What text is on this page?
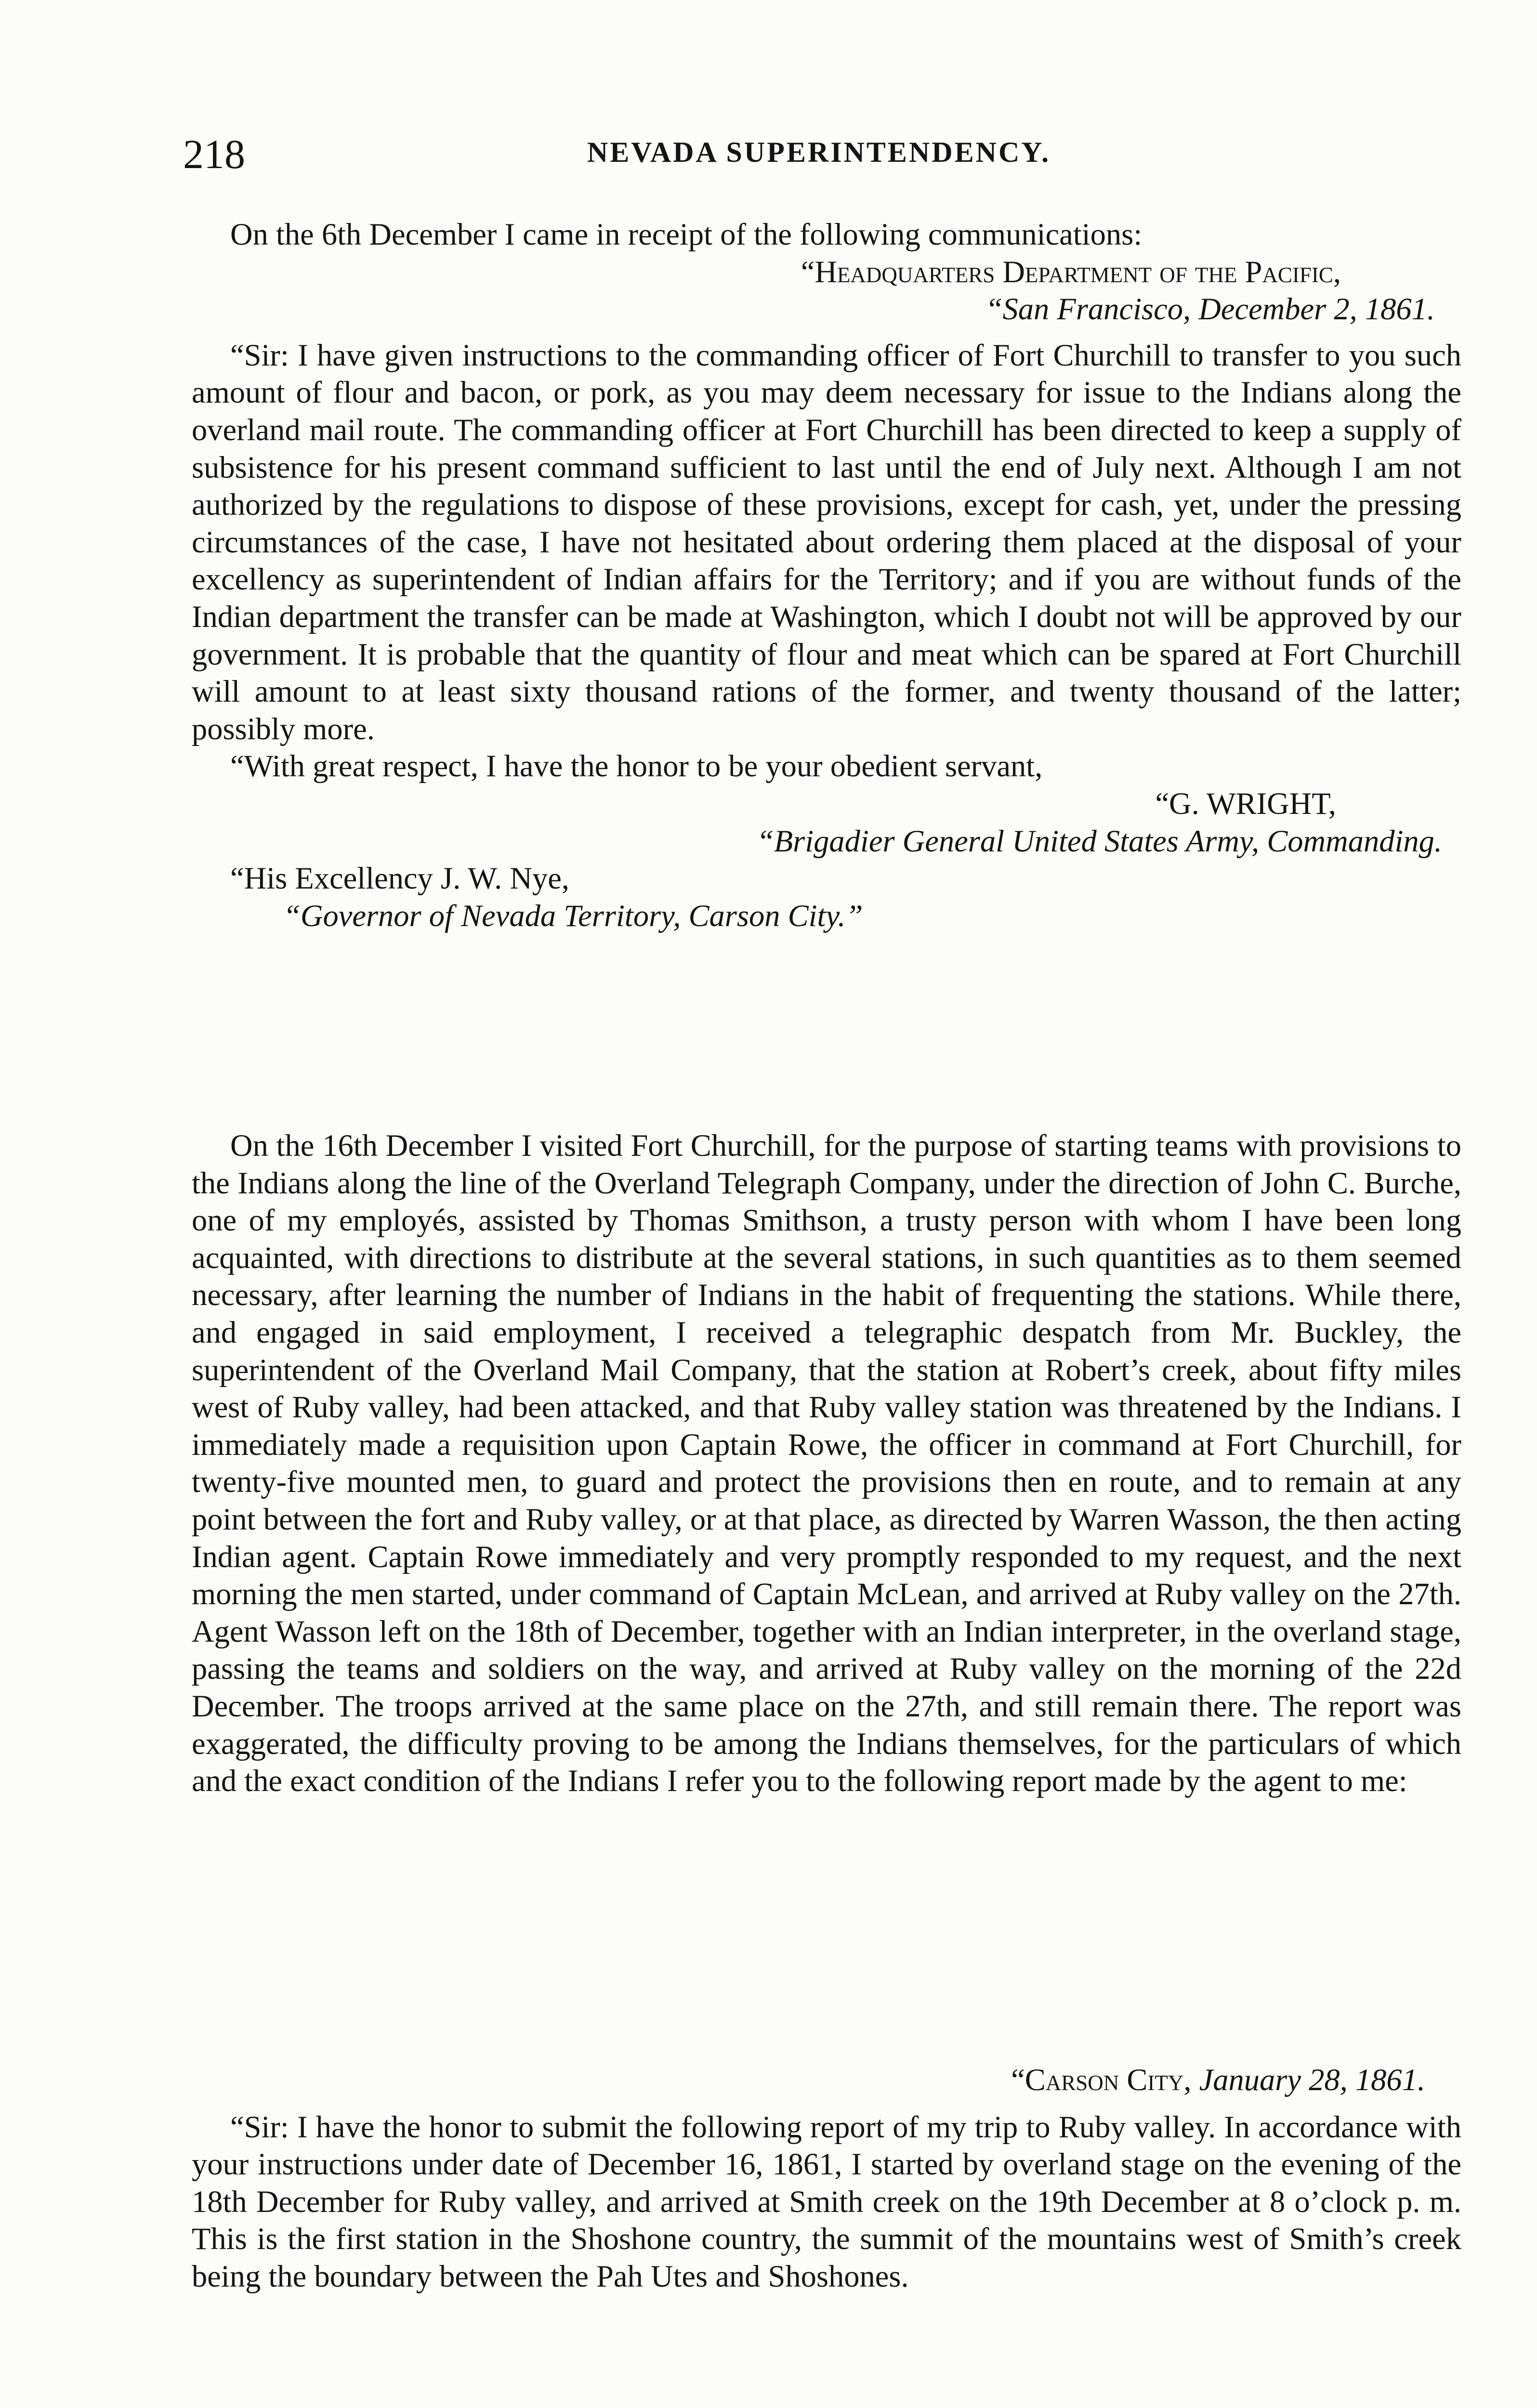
218	NEVADA SUPERINTENDENCY.

On the 6th December I came in receipt of the following communications:

“Headquarters Department of the Pacific,

“San Francisco, December 2, 1861.

“Sir: I have given instructions to the commanding officer of Fort Churchill to transfer to you such amount of flour and bacon, or pork, as you may deem necessary for issue to the Indians along the overland mail route. The commanding officer at Fort Churchill has been directed to keep a supply of subsistence for his present command sufficient to last until the end of July next. Although I am not authorized by the regulations to dispose of these provisions, except for cash, yet, under the pressing circumstances of the case, I have not hesitated about ordering them placed at the disposal of your excellency as superintendent of Indian affairs for the Territory; and if you are without funds of the Indian department the transfer can be made at Washington, which I doubt not will be approved by our government. It is probable that the quantity of flour and meat which can be spared at Fort Churchill will amount to at least sixty thousand rations of the former, and twenty thousand of the latter; possibly more.

“With great respect, I have the honor to be your obedient servant,

“G. WRIGHT,

“Brigadier General United States Army, Commanding.

“His Excellency J. W. Nye,

“Governor of Nevada Territory, Carson City.”

On the 16th December I visited Fort Churchill, for the purpose of starting teams with provisions to the Indians along the line of the Overland Telegraph Company, under the direction of John C. Burche, one of my employés, assisted by Thomas Smithson, a trusty person with whom I have been long acquainted, with directions to distribute at the several stations, in such quantities as to them seemed necessary, after learning the number of Indians in the habit of frequenting the stations. While there, and engaged in said employment, I received a telegraphic despatch from Mr. Buckley, the superintendent of the Overland Mail Company, that the station at Robert’s creek, about fifty miles west of Ruby valley, had been attacked, and that Ruby valley station was threatened by the Indians. I immediately made a requisition upon Captain Rowe, the officer in command at Fort Churchill, for twenty-five mounted men, to guard and protect the provisions then en route, and to remain at any point between the fort and Ruby valley, or at that place, as directed by Warren Wasson, the then acting Indian agent. Captain Rowe immediately and very promptly responded to my request, and the next morning the men started, under command of Captain McLean, and arrived at Ruby valley on the 27th. Agent Wasson left on the 18th of December, together with an Indian interpreter, in the overland stage, passing the teams and soldiers on the way, and arrived at Ruby valley on the morning of the 22d December. The troops arrived at the same place on the 27th, and still remain there. The report was exaggerated, the difficulty proving to be among the Indians themselves, for the particulars of which and the exact condition of the Indians I refer you to the following report made by the agent to me:

“Carson City, January 28, 1861.

“Sir: I have the honor to submit the following report of my trip to Ruby valley. In accordance with your instructions under date of December 16, 1861, I started by overland stage on the evening of the 18th December for Ruby valley, and arrived at Smith creek on the 19th December at 8 o’clock p. m. This is the first station in the Shoshone country, the summit of the mountains west of Smith’s creek being the boundary between the Pah Utes and Shoshones.
